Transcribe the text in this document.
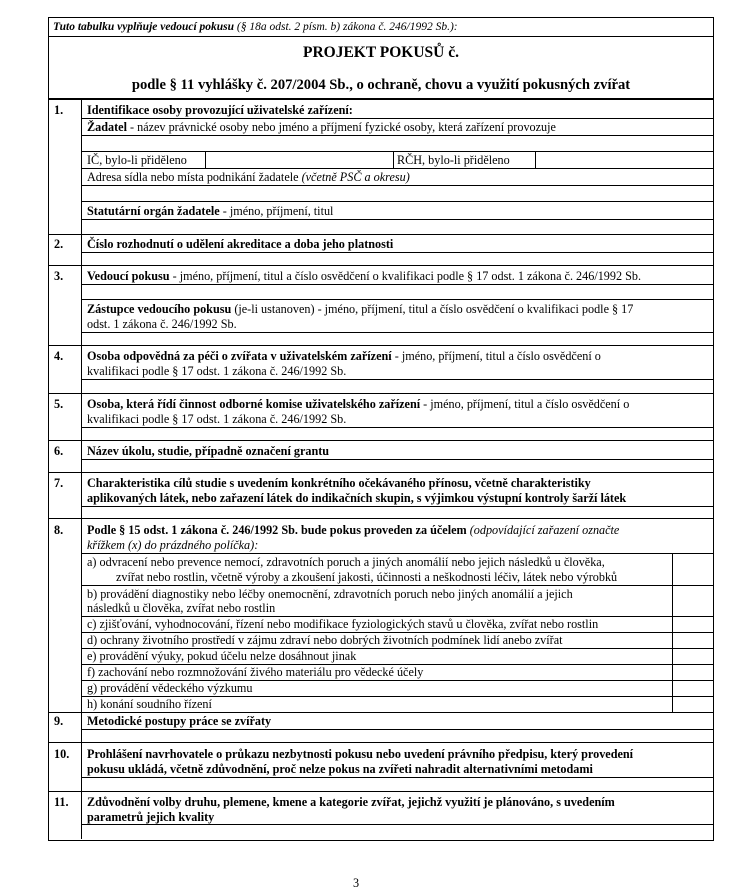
Tuto tabulku vyplňuje vedoucí pokusu (§ 18a odst. 2 písm. b) zákona č. 246/1992 Sb.):
PROJEKT POKUSŮ č.
podle § 11 vyhlášky č. 207/2004 Sb., o ochraně, chovu a využití pokusných zvířat
1. Identifikace osoby provozující uživatelské zařízení:
Žadatel - název právnické osoby nebo jméno a příjmení fyzické osoby, která zařízení provozuje
IČ, bylo-li přiděleno	RČH, bylo-li přiděleno
Adresa sídla nebo místa podnikání žadatele (včetně PSČ a okresu)
Statutární orgán žadatele - jméno, příjmení, titul
2. Číslo rozhodnutí o udělení akreditace a doba jeho platnosti
3. Vedoucí pokusu - jméno, příjmení, titul a číslo osvědčení o kvalifikaci podle § 17 odst. 1 zákona č. 246/1992 Sb.
Zástupce vedoucího pokusu (je-li ustanoven) - jméno, příjmení, titul a číslo osvědčení o kvalifikaci podle § 17
odst. 1 zákona č. 246/1992 Sb.
4. Osoba odpovědná za péči o zvířata v uživatelském zařízení - jméno, příjmení, titul a číslo osvědčení o
kvalifikaci podle § 17 odst. 1 zákona č. 246/1992 Sb.
5. Osoba, která řídí činnost odborné komise uživatelského zařízení - jméno, příjmení, titul a číslo osvědčení o
kvalifikaci podle § 17 odst. 1 zákona č. 246/1992 Sb.
6. Název úkolu, studie, případně označení grantu
7. Charakteristika cílů studie s uvedením konkrétního očekávaného přínosu, včetně charakteristiky
aplikovaných látek, nebo zařazení látek do indikačních skupin, s výjimkou výstupní kontroly šarží látek
8. Podle § 15 odst. 1 zákona č. 246/1992 Sb. bude pokus proveden za účelem (odpovídající zařazení označte
křížkem (x) do prázdného políčka):
a) odvracení nebo prevence nemocí, zdravotních poruch a jiných anomálií nebo jejich následků u člověka,
zvířat nebo rostlin, včetně výroby a zkoušení jakosti, účinnosti a neškodnosti léčiv, látek nebo výrobků
b) provádění diagnostiky nebo léčby onemocnění, zdravotních poruch nebo jiných anomálií a jejich
následků u člověka, zvířat nebo rostlin
c) zjišťování, vyhodnocování, řízení nebo modifikace fyziologických stavů u člověka, zvířat nebo rostlin
d) ochrany životního prostředí v zájmu zdraví nebo dobrých životních podmínek lidí anebo zvířat
e) provádění výuky, pokud účelu nelze dosáhnout jinak
f) zachování nebo rozmnožování živého materiálu pro vědecké účely
g) provádění vědeckého výzkumu
h) konání soudního řízení
9. Metodické postupy práce se zvířaty
10. Prohlášení navrhovatele o průkazu nezbytnosti pokusu nebo uvedení právního předpisu, který provedení
pokusu ukládá, včetně zdůvodnění, proč nelze pokus na zvířeti nahradit alternativními metodami
11. Zdůvodnění volby druhu, plemene, kmene a kategorie zvířat, jejichž využití je plánováno, s uvedením
parametrů jejich kvality
3
